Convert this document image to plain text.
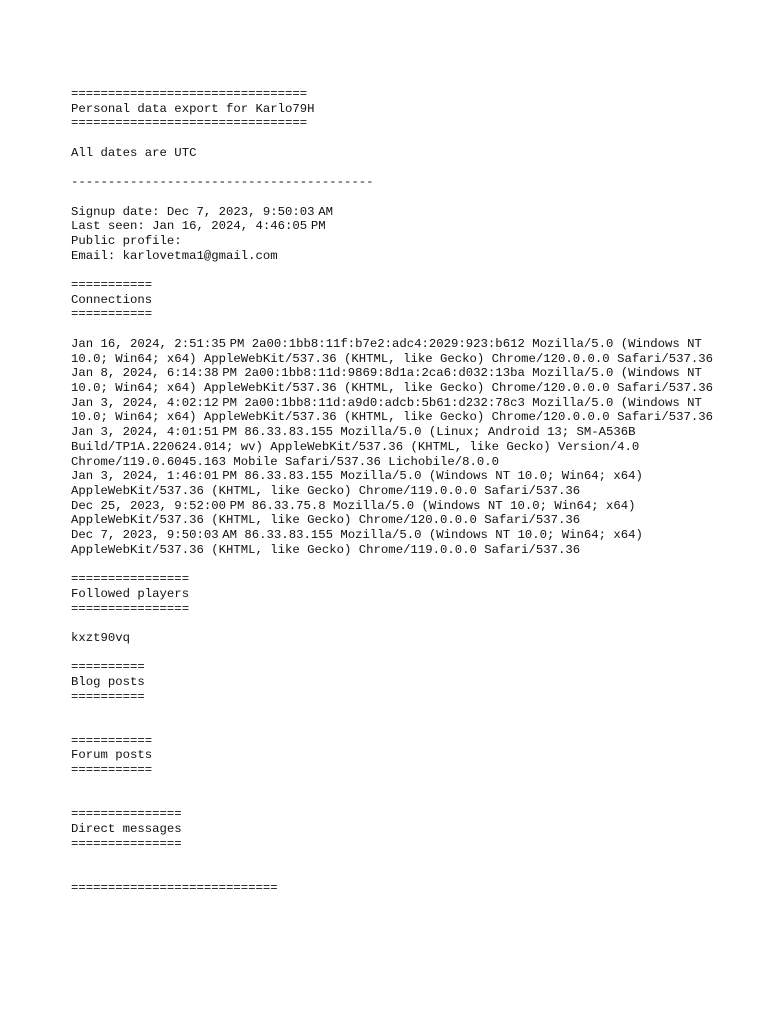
================================
Personal data export for Karlo79H
================================
All dates are UTC
-----------------------------------------
Signup date: Dec 7, 2023, 9:50:03 AM
Last seen: Jan 16, 2024, 4:46:05 PM
Public profile:
Email: karlovetma1@gmail.com
===========
Connections
===========
Jan 16, 2024, 2:51:35 PM 2a00:1bb8:11f:b7e2:adc4:2029:923:b612 Mozilla/5.0 (Windows NT 10.0; Win64; x64) AppleWebKit/537.36 (KHTML, like Gecko) Chrome/120.0.0.0 Safari/537.36
Jan 8, 2024, 6:14:38 PM 2a00:1bb8:11d:9869:8d1a:2ca6:d032:13ba Mozilla/5.0 (Windows NT 10.0; Win64; x64) AppleWebKit/537.36 (KHTML, like Gecko) Chrome/120.0.0.0 Safari/537.36
Jan 3, 2024, 4:02:12 PM 2a00:1bb8:11d:a9d0:adcb:5b61:d232:78c3 Mozilla/5.0 (Windows NT 10.0; Win64; x64) AppleWebKit/537.36 (KHTML, like Gecko) Chrome/120.0.0.0 Safari/537.36
Jan 3, 2024, 4:01:51 PM 86.33.83.155 Mozilla/5.0 (Linux; Android 13; SM-A536B Build/TP1A.220624.014; wv) AppleWebKit/537.36 (KHTML, like Gecko) Version/4.0 Chrome/119.0.6045.163 Mobile Safari/537.36 Lichobile/8.0.0
Jan 3, 2024, 1:46:01 PM 86.33.83.155 Mozilla/5.0 (Windows NT 10.0; Win64; x64) AppleWebKit/537.36 (KHTML, like Gecko) Chrome/119.0.0.0 Safari/537.36
Dec 25, 2023, 9:52:00 PM 86.33.75.8 Mozilla/5.0 (Windows NT 10.0; Win64; x64) AppleWebKit/537.36 (KHTML, like Gecko) Chrome/120.0.0.0 Safari/537.36
Dec 7, 2023, 9:50:03 AM 86.33.83.155 Mozilla/5.0 (Windows NT 10.0; Win64; x64) AppleWebKit/537.36 (KHTML, like Gecko) Chrome/119.0.0.0 Safari/537.36
================
Followed players
================
kxzt90vq
==========
Blog posts
==========
===========
Forum posts
===========
===============
Direct messages
===============
============================
